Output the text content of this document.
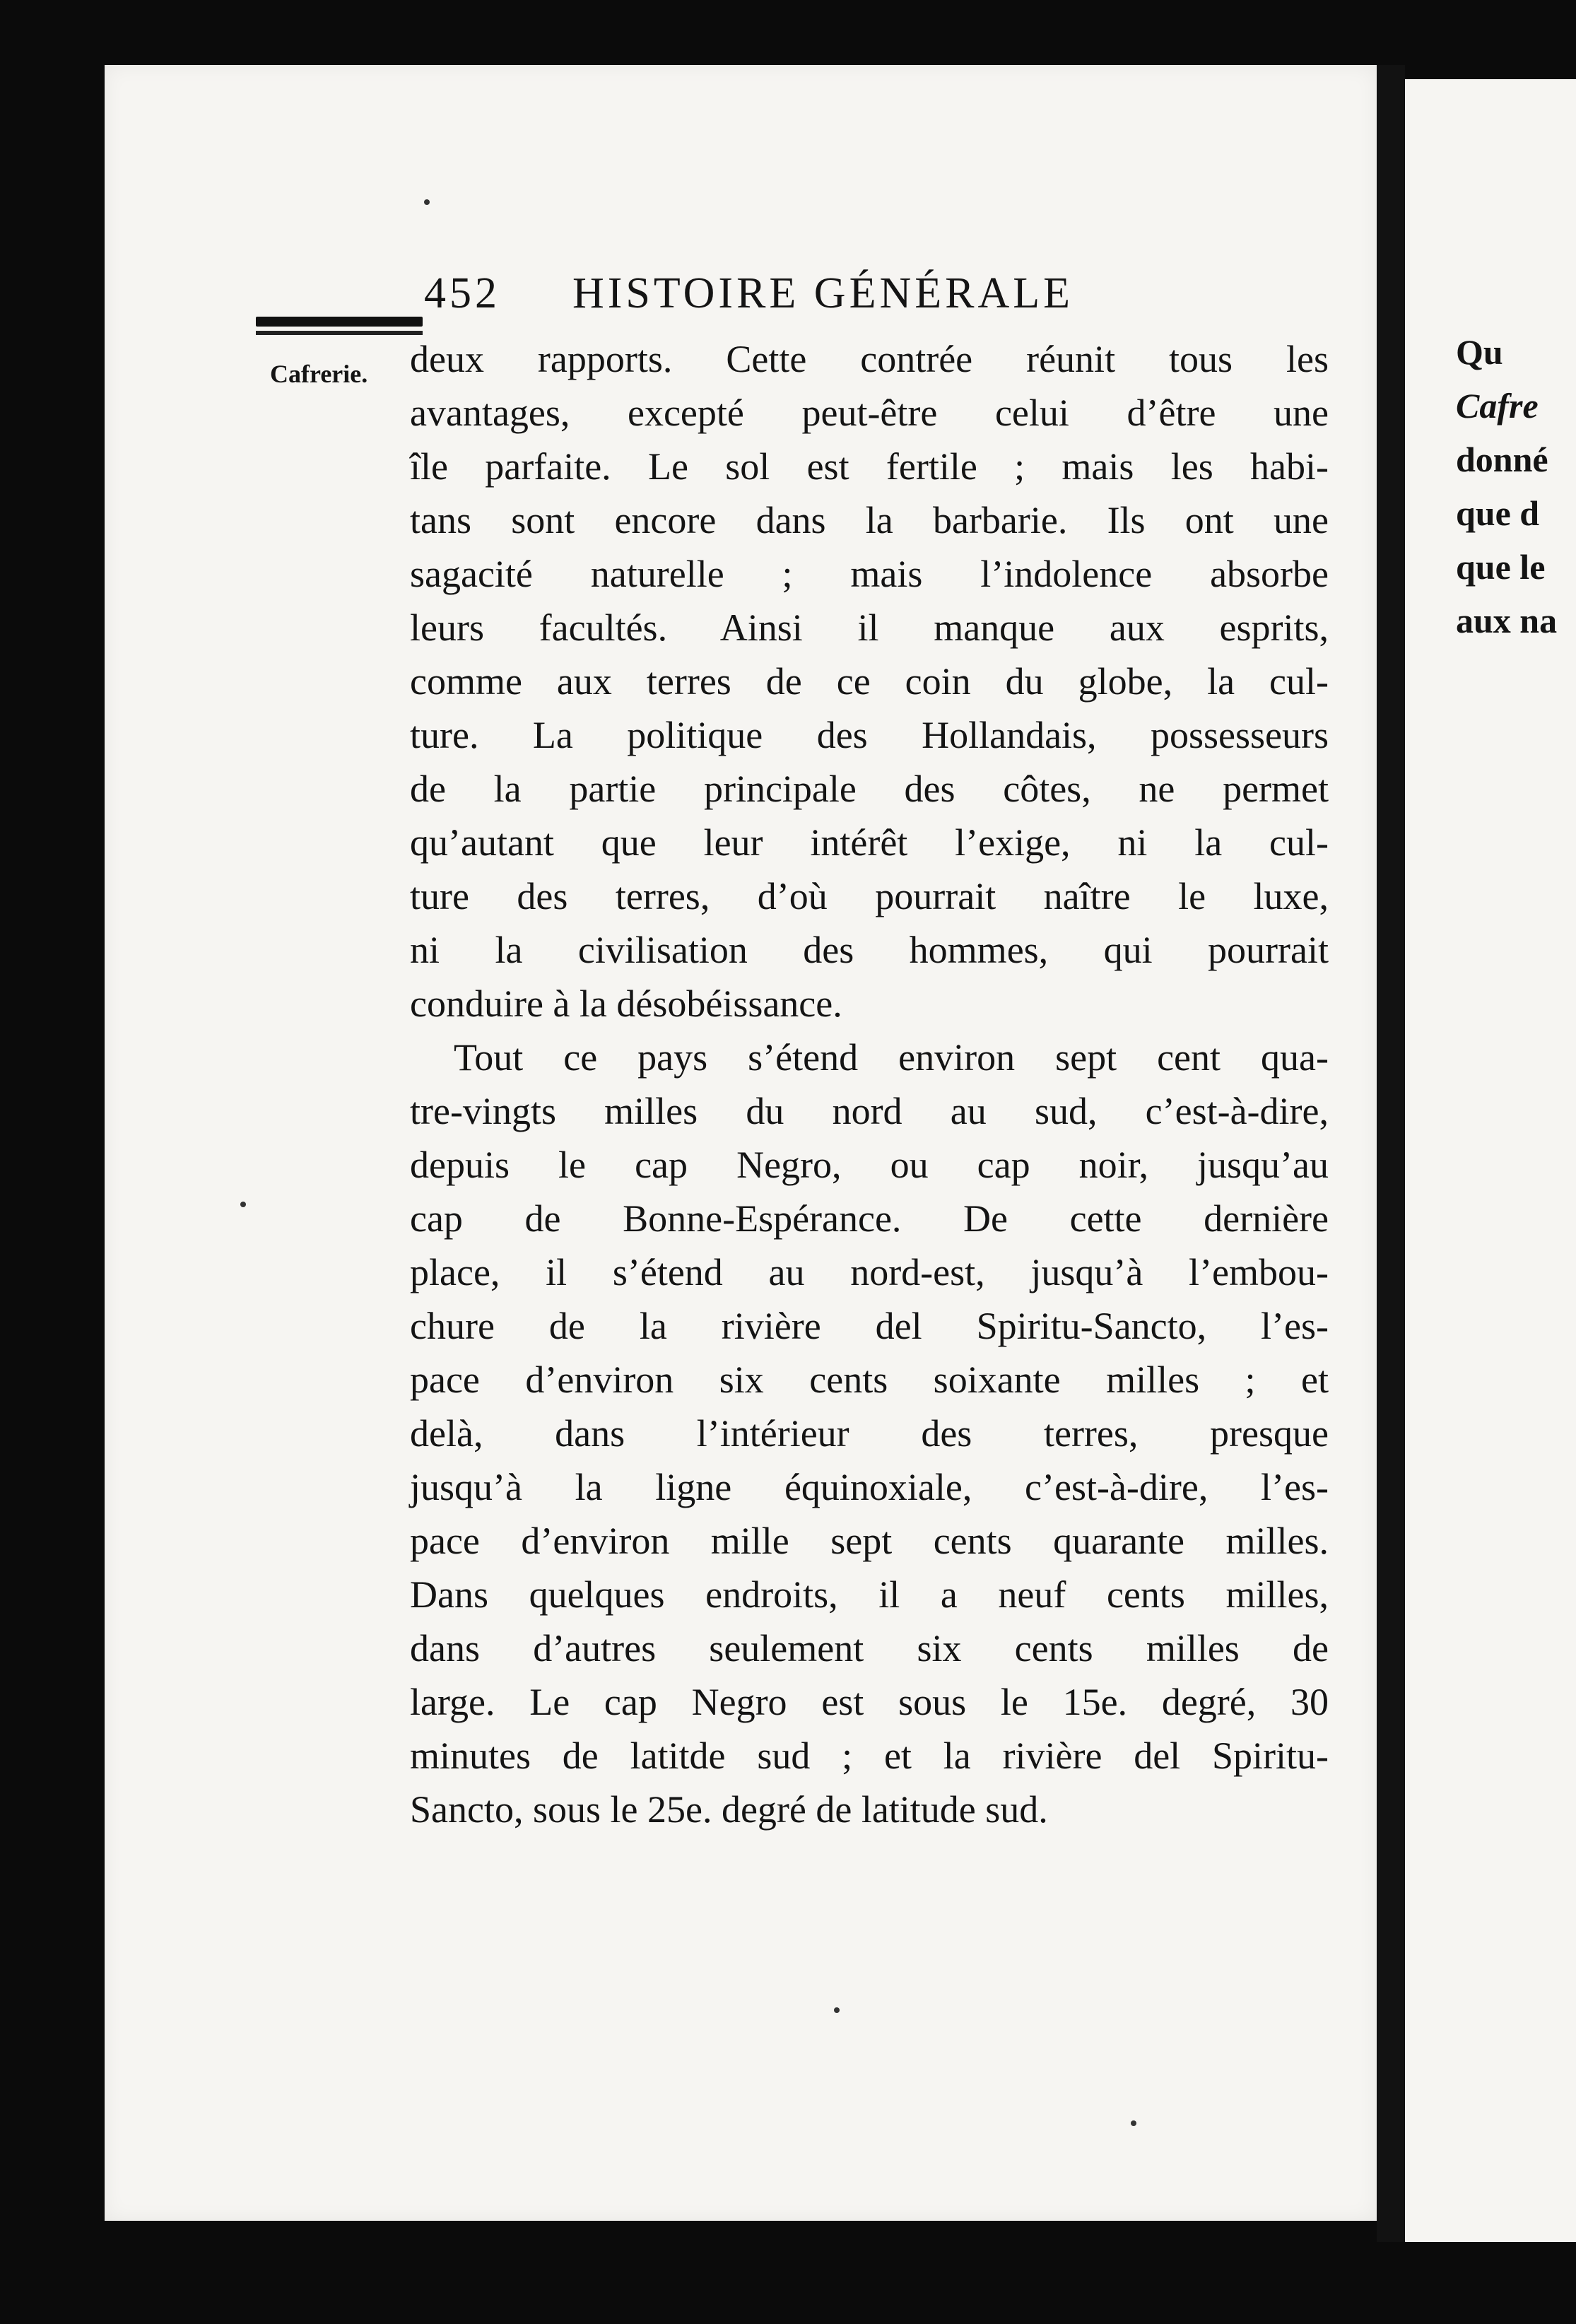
452 HISTOIRE GÉNÉRALE
Cafrerie. deux rapports. Cette contrée réunit tous les
avantages, excepté peut-être celui d’être une
île parfaite. Le sol est fertile ; mais les habi-
tans sont encore dans la barbarie. Ils ont une
sagacité naturelle ; mais l’indolence absorbe
leurs facultés. Ainsi il manque aux esprits,
comme aux terres de ce coin du globe, la cul-
ture. La politique des Hollandais, possesseurs
de la partie principale des côtes, ne permet
qu’autant que leur intérêt l’exige, ni la cul-
ture des terres, d’où pourrait naître le luxe,
ni la civilisation des hommes, qui pourrait
conduire à la désobéissance.
Tout ce pays s’étend environ sept cent qua-
tre-vingts milles du nord au sud, c’est-à-dire,
depuis le cap Negro, ou cap noir, jusqu’au
cap de Bonne-Espérance. De cette dernière
place, il s’étend au nord-est, jusqu’à l’embou-
chure de la rivière del Spiritu-Sancto, l’es-
pace d’environ six cents soixante milles ; et
delà, dans l’intérieur des terres, presque
jusqu’à la ligne équinoxiale, c’est-à-dire, l’es-
pace d’environ mille sept cents quarante milles.
Dans quelques endroits, il a neuf cents milles,
dans d’autres seulement six cents milles de
large. Le cap Negro est sous le 15e. degré, 30
minutes de latitde sud ; et la rivière del Spiritu-
Sancto, sous le 25e. degré de latitude sud.
Qu
Cafre
donné
que d
que le
aux na
